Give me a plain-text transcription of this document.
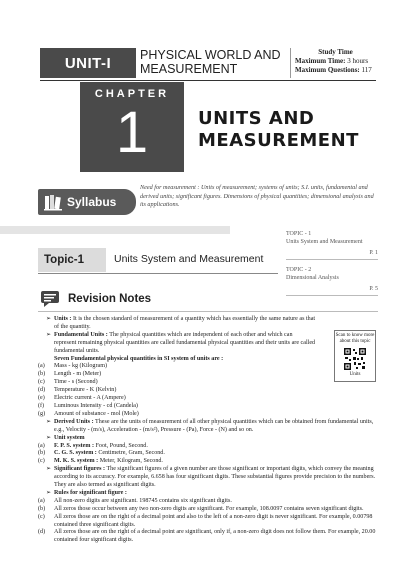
UNIT-I	PHYSICAL WORLD AND
MEASUREMENT
Study Time
Maximum Time: 3 hours
Maximum Questions: 117
CHAPTER
1	UNITS AND
MEASUREMENT
Syllabus
Need for measurement : Units of measurement; systems of units; S.I. units, fundamental and derived units; significant figures. Dimensions of physical quantities; dimensional analysis and its applications.
Topic-1	Units System and Measurement
TOPIC - 1
Units System and Measurement
P. 1
TOPIC - 2
Dimensional Analysis
P. 5
Revision Notes
➢ Units : It is the chosen standard of measurement of a quantity which has essentially the same nature as that of the quantity.
➢ Fundamental Units : The physical quantities which are independent of each other and which can represent remaining physical quantities are called fundamental physical quantities and their units are called fundamental units.
Seven Fundamental physical quantities in SI system of units are :
(a) Mass - kg (Kilogram)
(b) Length - m (Meter)
(c) Time - s (Second)
(d) Temperature - K (Kelvin)
(e) Electric current - A (Ampere)
(f) Luminous Intensity - cd (Candela)
(g) Amount of substance - mol (Mole)
➢ Derived Units : These are the units of measurement of all other physical quantities which can be obtained from fundamental units, e.g., Velocity - (m/s), Acceleration - (m/s²), Pressure - (Pa), Force - (N) and so on.
➢ Unit system
(a) F. P. S. system : Foot, Pound, Second.
(b) C. G. S. system : Centimetre, Gram, Second.
(c) M. K. S. system : Meter, Kilogram, Second.
➢ Significant figures : The significant figures of a given number are those significant or important digits, which convey the meaning according to its accuracy. For example, 6.658 has four significant digits. These substantial figures provide precision to the numbers. They are also termed as significant digits.
➢ Rules for significant figure :
(a) All non-zero digits are significant. 198745 contains six significant digits.
(b) All zeros those occur between any two non-zero digits are significant. For example, 108.0097 contains seven significant digits.
(c) All zeros those are on the right of a decimal point and also to the left of a non-zero digit is never significant. For example, 0.00798 contained three significant digits.
(d) All zeros those are on the right of a decimal point are significant, only if, a non-zero digit does not follow them. For example, 20.00 contained four significant digits.
Scan to know more about this topic
Units
